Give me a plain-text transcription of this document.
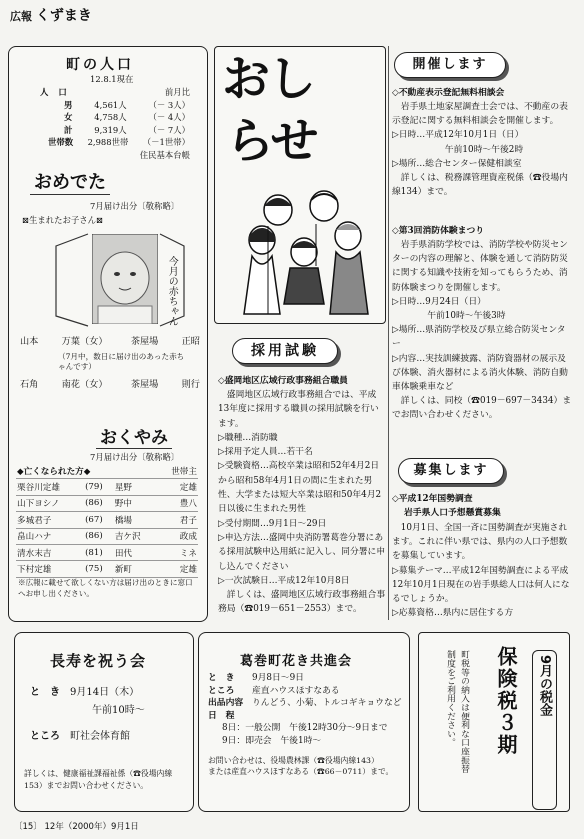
広報 くずまき
町の人口
12.8.1現在
人口	前月比
男	4,561人	（－ 3人）
女	4,758人	（－ 4人）
計	9,319人	（－ 7人）
世帯数 2,988世帯 （－1世帯）
住民基本台帳
おめでた
7月届け出分〔敬称略〕
⊠生まれたお子さん⊠
今月の赤ちゃん
山本	万葉（女）	茶屋場	正昭
（7月中，数日に届け出のあった赤ちゃんです）
石角	南花（女）	茶屋場	則行
おくやみ
7月届け出分〔敬称略〕
◆亡くなられた方◆			世帯主
栗谷川定雄	(79)	星野	定雄
山下ヨシノ	(86)	野中	豊八
多城君子	(67)	橋場	君子
畠山ハナ	(86)	吉ケ沢	政成
清水末吉	(81)	田代	ミネ
下村定雄	(75)	新町	定雄
※広報に載せて欲しくない方は届け出のときに窓口へお申し出ください。
おし
らせ
採用試験
◇盛岡地区広域行政事務組合職員

盛岡地区広域行政事務組合では、平成13年度に採用する職員の採用試験を行います。

▷職種…消防職

▷採用予定人員…若干名

▷受験資格…高校卒業は昭和52年4月2日から昭和58年4月1日の間に生まれた男性、大学または短大卒業は昭和50年4月2日以後に生まれた男性

▷受付期間…9月1日～29日

▷申込方法…盛岡中央消防署葛巻分署にある採用試験申込用紙に記入し、同分署に申し込んでください

▷一次試験日…平成12年10月8日

詳しくは、盛岡地区広域行政事務組合事務局（☎019－651－2553）まで。

開催します
◇不動産表示登記無料相談会

岩手県土地家屋調査士会では、不動産の表示登記に関する無料相談会を開催します。

▷日時…平成12年10月1日（日）

午前10時～午後2時

▷場所…総合センター保健相談室

詳しくは、税務課管理資産税係（☎役場内線134）まで。

◇第3回消防体験まつり

岩手県消防学校では、消防学校や防災センターの内容の理解と、体験を通して消防防災に関する知識や技術を知ってもらうため、消防体験まつりを開催します。

▷日時…9月24日（日）

午前10時～午後3時

▷場所…県消防学校及び県立総合防災センター

▷内容…実技訓練披露、消防資器材の展示及び体験、消火器材による消火体験、消防自動車体験乗車など

詳しくは、同校（☎019－697－3434）までお問い合わせください。

募集します
◇平成12年国勢調査
岩手県人口予想懸賞募集

10月1日、全国一斉に国勢調査が実施されます。これに伴い県では、県内の人口予想数を募集しています。

▷募集テーマ…平成12年国勢調査による平成12年10月1日現在の岩手県総人口は何人になるでしょうか。

▷応募資格…県内に居住する方

長寿を祝う会
と　き　 9月14日（木）
午前10時～
ところ　 町社会体育館
詳しくは、健康福祉課福祉係（☎役場内線153）までお問い合わせください。
葛巻町花き共進会
と　き 9月8日～9日
ところ 産直ハウスほすなある
出品内容 りんどう、小菊、トルコギキョウなど
日　程
8日：一般公開　午後12時30分～9日まで
9日：即売会　午後1時～
お問い合わせは、役場農林課（☎役場内線143）
または産直ハウスほすなある（☎66－0711）まで。
9月の税金
保険税３期
町税等の納入は便利な口座振替
制度をご利用ください。
〔15〕 12年（2000年）9月1日
